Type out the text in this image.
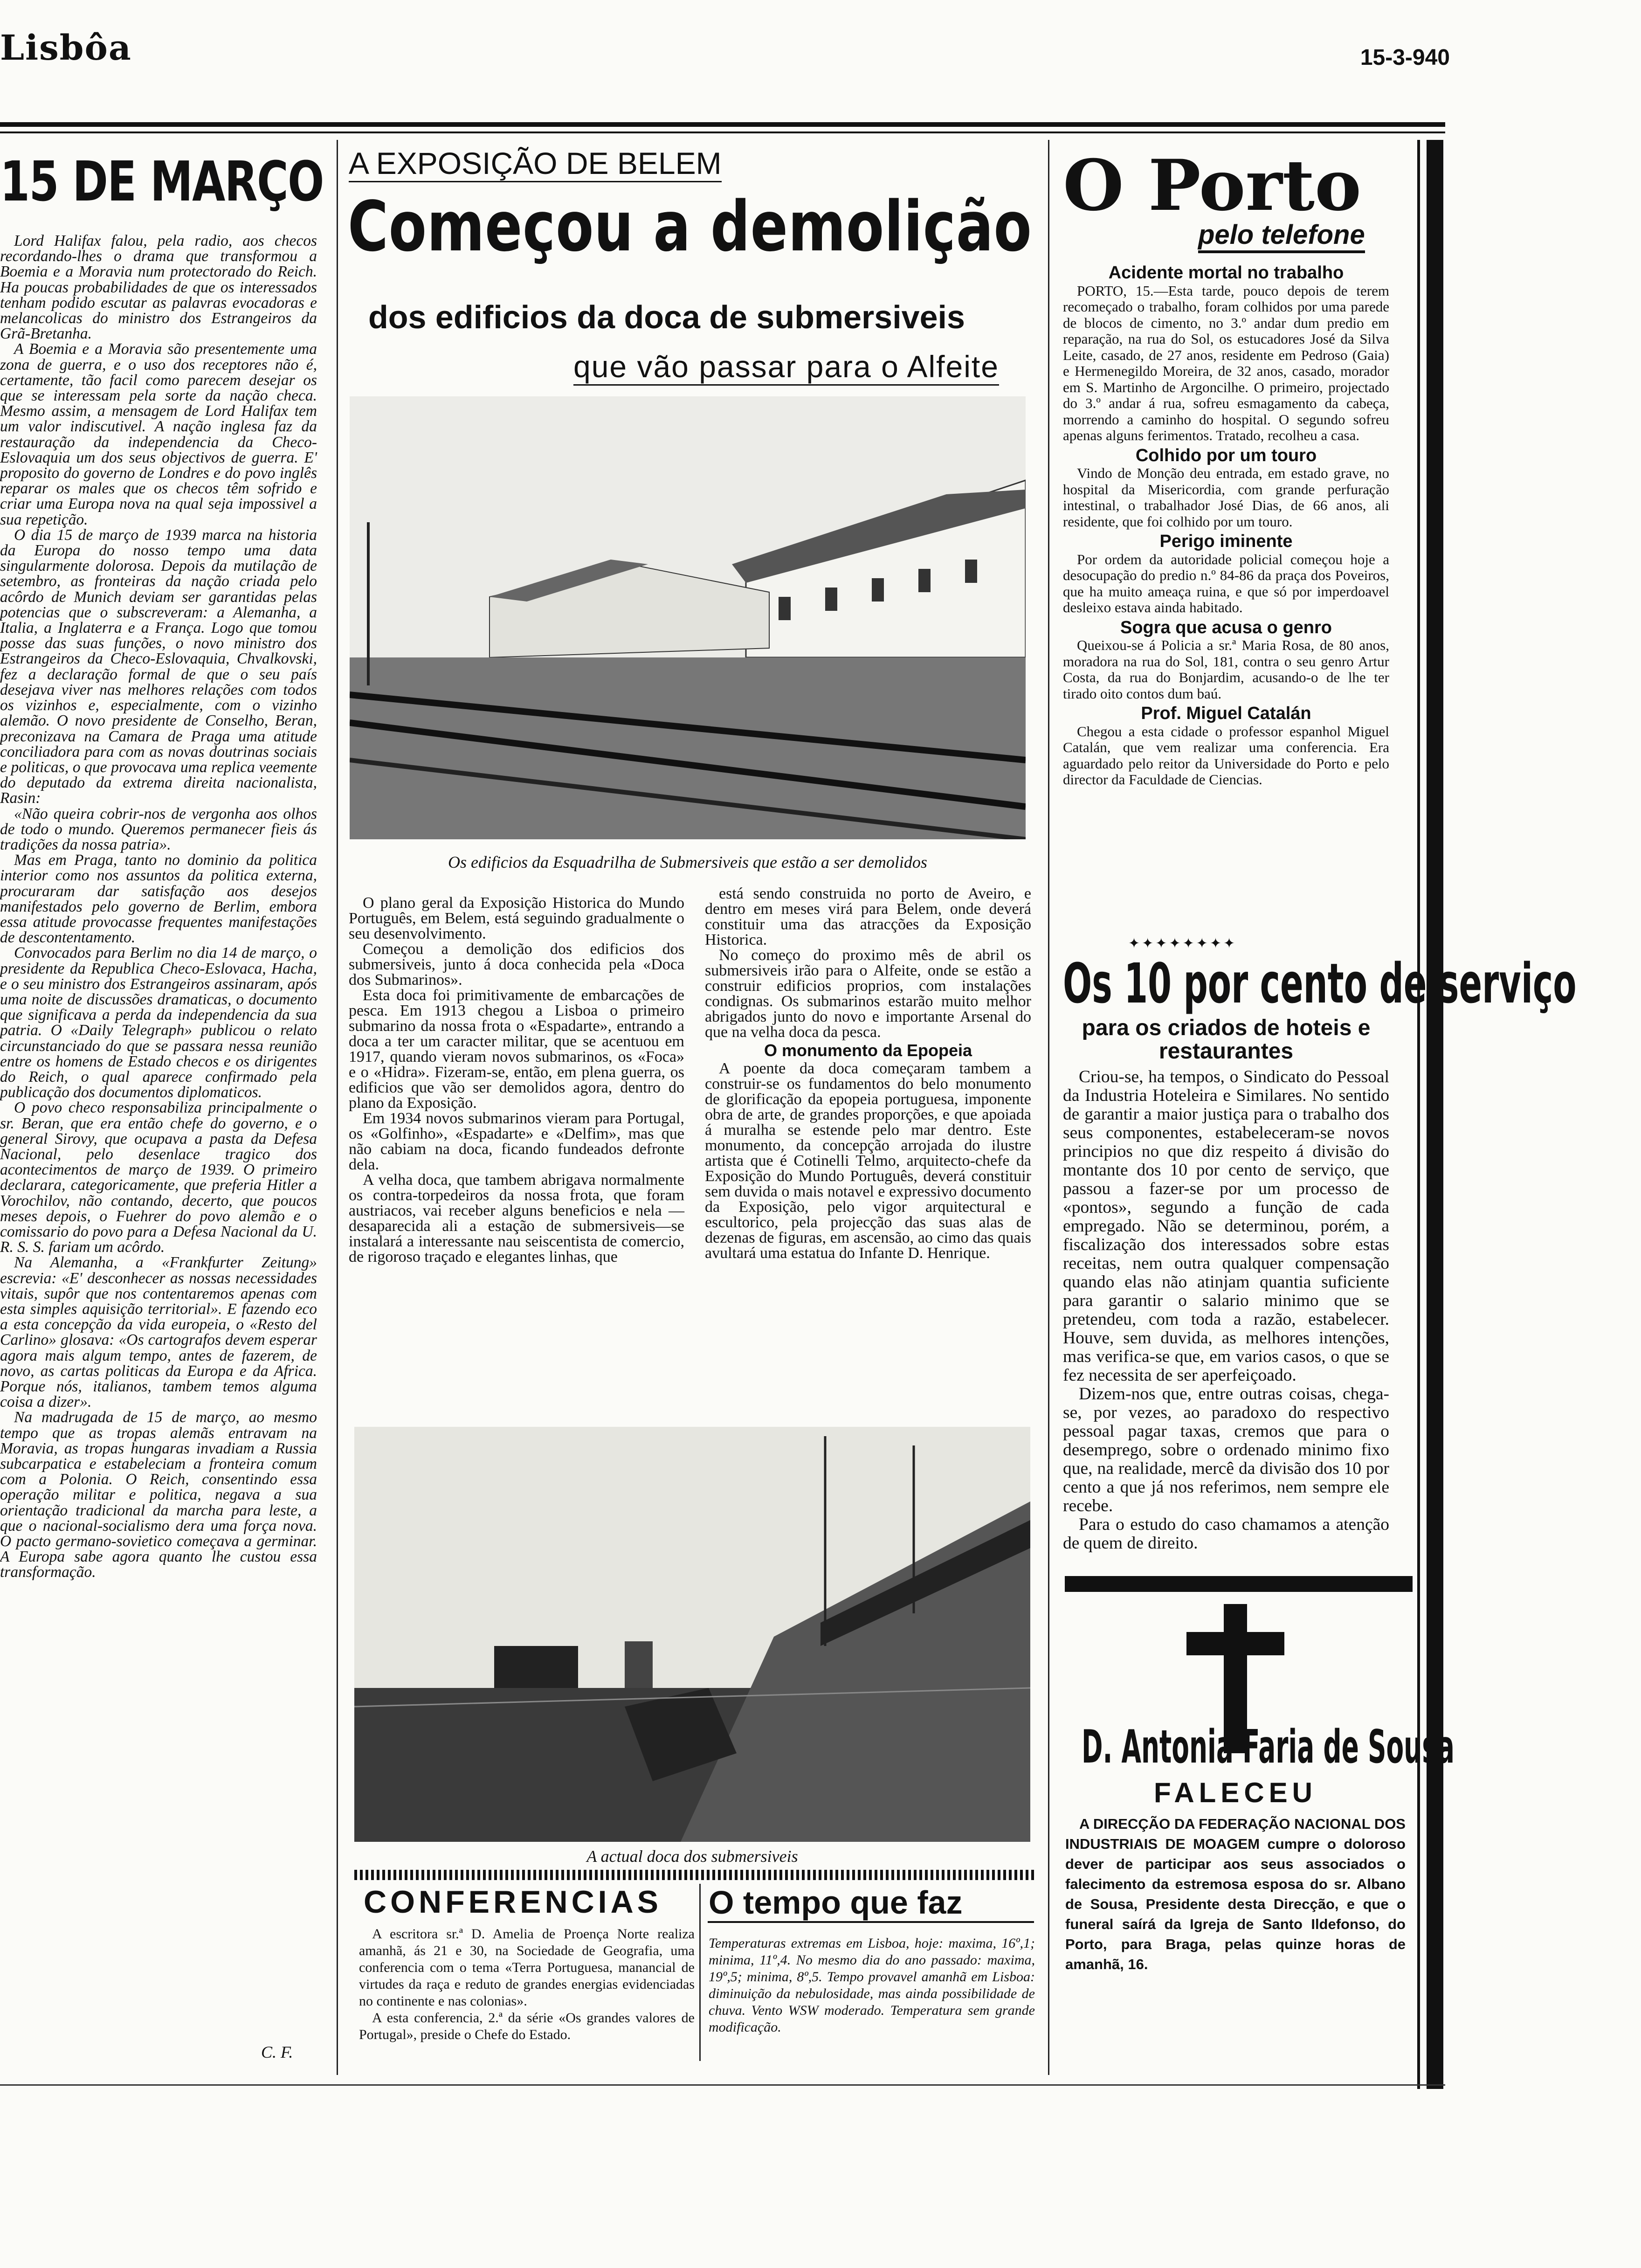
Lisbôa	15-3-940
15 DE MARÇO

Lord Halifax falou, pela radio, aos checos recordando-lhes o drama que transformou a Boemia e a Moravia num protectorado do Reich. Ha poucas probabilidades de que os interessados tenham podido escutar as palavras evocadoras e melancolicas do ministro dos Estrangeiros da Grã-Bretanha.

A Boemia e a Moravia são presentemente uma zona de guerra, e o uso dos receptores não é, certamente, tão facil como parecem desejar os que se interessam pela sorte da nação checa. Mesmo assim, a mensagem de Lord Halifax tem um valor indiscutivel. A nação inglesa faz da restauração da independencia da Checo-Eslovaquia um dos seus objectivos de guerra. E' proposito do governo de Londres e do povo inglês reparar os males que os checos têm sofrido e criar uma Europa nova na qual seja impossivel a sua repetição.

O dia 15 de março de 1939 marca na historia da Europa do nosso tempo uma data singularmente dolorosa. Depois da mutilação de setembro, as fronteiras da nação criada pelo acôrdo de Munich deviam ser garantidas pelas potencias que o subscreveram: a Alemanha, a Italia, a Inglaterra e a França. Logo que tomou posse das suas funções, o novo ministro dos Estrangeiros da Checo-Eslovaquia, Chvalkovski, fez a declaração formal de que o seu país desejava viver nas melhores relações com todos os vizinhos e, especialmente, com o vizinho alemão. O novo presidente de Conselho, Beran, preconizava na Camara de Praga uma atitude conciliadora para com as novas doutrinas sociais e politicas, o que provocava uma replica veemente do deputado da extrema direita nacionalista, Rasin:

«Não queira cobrir-nos de vergonha aos olhos de todo o mundo. Queremos permanecer fieis ás tradições da nossa patria».

Mas em Praga, tanto no dominio da politica interior como nos assuntos da politica externa, procuraram dar satisfação aos desejos manifestados pelo governo de Berlim, embora essa atitude provocasse frequentes manifestações de descontentamento.

Convocados para Berlim no dia 14 de março, o presidente da Republica Checo-Eslovaca, Hacha, e o seu ministro dos Estrangeiros assinaram, após uma noite de discussões dramaticas, o documento que significava a perda da independencia da sua patria. O «Daily Telegraph» publicou o relato circunstanciado do que se passara nessa reunião entre os homens de Estado checos e os dirigentes do Reich, o qual aparece confirmado pela publicação dos documentos diplomaticos.

O povo checo responsabiliza principalmente o sr. Beran, que era então chefe do governo, e o general Sirovy, que ocupava a pasta da Defesa Nacional, pelo desenlace tragico dos acontecimentos de março de 1939. O primeiro declarara, categoricamente, que preferia Hitler a Vorochilov, não contando, decerto, que poucos meses depois, o Fuehrer do povo alemão e o comissario do povo para a Defesa Nacional da U. R. S. S. fariam um acôrdo.

Na Alemanha, a «Frankfurter Zeitung» escrevia: «E' desconhecer as nossas necessidades vitais, supôr que nos contentaremos apenas com esta simples aquisição territorial». E fazendo eco a esta concepção da vida europeia, o «Resto del Carlino» glosava: «Os cartografos devem esperar agora mais algum tempo, antes de fazerem, de novo, as cartas politicas da Europa e da Africa. Porque nós, italianos, tambem temos alguma coisa a dizer».

Na madrugada de 15 de março, ao mesmo tempo que as tropas alemãs entravam na Moravia, as tropas hungaras invadiam a Russia subcarpatica e estabeleciam a fronteira comum com a Polonia. O Reich, consentindo essa operação militar e politica, negava a sua orientação tradicional da marcha para leste, a que o nacional-socialismo dera uma força nova. O pacto germano-sovietico começava a germinar. A Europa sabe agora quanto lhe custou essa transformação.

C. F.
A EXPOSIÇÃO DE BELEM
Começou a demolição
dos edificios da doca de submersiveis
que vão passar para o Alfeite
Os edificios da Esquadrilha de Submersiveis que estão a ser demolidos

O plano geral da Exposição Historica do Mundo Português, em Belem, está seguindo gradualmente o seu desenvolvimento.

Começou a demolição dos edificios dos submersiveis, junto á doca conhecida pela «Doca dos Submarinos».

Esta doca foi primitivamente de embarcações de pesca. Em 1913 chegou a Lisboa o primeiro submarino da nossa frota o «Espadarte», entrando a doca a ter um caracter militar, que se acentuou em 1917, quando vieram novos submarinos, os «Foca» e o «Hidra». Fizeram-se, então, em plena guerra, os edificios que vão ser demolidos agora, dentro do plano da Exposição.

Em 1934 novos submarinos vieram para Portugal, os «Golfinho», «Espadarte» e «Delfim», mas que não cabiam na doca, ficando fundeados defronte dela.

A velha doca, que tambem abrigava normalmente os contra-torpedeiros da nossa frota, que foram austriacos, vai receber alguns beneficios e nela —desaparecida ali a estação de submersiveis—se instalará a interessante nau seiscentista de comercio, de rigoroso traçado e elegantes linhas, que

está sendo construida no porto de Aveiro, e dentro em meses virá para Belem, onde deverá constituir uma das atracções da Exposição Historica.

No começo do proximo mês de abril os submersiveis irão para o Alfeite, onde se estão a construir edificios proprios, com instalações condignas. Os submarinos estarão muito melhor abrigados junto do novo e importante Arsenal do que na velha doca da pesca.

O monumento da Epopeia

A poente da doca começaram tambem a construir-se os fundamentos do belo monumento de glorificação da epopeia portuguesa, imponente obra de arte, de grandes proporções, e que apoiada á muralha se estende pelo mar dentro. Este monumento, da concepção arrojada do ilustre artista que é Cotinelli Telmo, arquitecto-chefe da Exposição do Mundo Português, deverá constituir sem duvida o mais notavel e expressivo documento da Exposição, pelo vigor arquitectural e escultorico, pela projecção das suas alas de dezenas de figuras, em ascensão, ao cimo das quais avultará uma estatua do Infante D. Henrique.

A actual doca dos submersiveis
CONFERENCIAS

A escritora sr.ª D. Amelia de Proença Norte realiza amanhã, ás 21 e 30, na Sociedade de Geografia, uma conferencia com o tema «Terra Portuguesa, manancial de virtudes da raça e reduto de grandes energias evidenciadas no continente e nas colonias».

A esta conferencia, 2.ª da série «Os grandes valores de Portugal», preside o Chefe do Estado.

O tempo que faz
Temperaturas extremas em Lisboa, hoje: maxima, 16º,1; minima, 11º,4. No mesmo dia do ano passado: maxima, 19º,5; minima, 8º,5. Tempo provavel amanhã em Lisboa: diminuição da nebulosidade, mas ainda possibilidade de chuva. Vento WSW moderado. Temperatura sem grande modificação.
O Porto
pelo telefone
Acidente mortal no trabalho

PORTO, 15.—Esta tarde, pouco depois de terem recomeçado o trabalho, foram colhidos por uma parede de blocos de cimento, no 3.º andar dum predio em reparação, na rua do Sol, os estucadores José da Silva Leite, casado, de 27 anos, residente em Pedroso (Gaia) e Hermenegildo Moreira, de 32 anos, casado, morador em S. Martinho de Argoncilhe. O primeiro, projectado do 3.º andar á rua, sofreu esmagamento da cabeça, morrendo a caminho do hospital. O segundo sofreu apenas alguns ferimentos. Tratado, recolheu a casa.

Colhido por um touro

Vindo de Monção deu entrada, em estado grave, no hospital da Misericordia, com grande perfuração intestinal, o trabalhador José Dias, de 66 anos, ali residente, que foi colhido por um touro.

Perigo iminente

Por ordem da autoridade policial começou hoje a desocupação do predio n.º 84-86 da praça dos Poveiros, que ha muito ameaça ruina, e que só por imperdoavel desleixo estava ainda habitado.

Sogra que acusa o genro

Queixou-se á Policia a sr.ª Maria Rosa, de 80 anos, moradora na rua do Sol, 181, contra o seu genro Artur Costa, da rua do Bonjardim, acusando-o de lhe ter tirado oito contos dum baú.

Prof. Miguel Catalán

Chegou a esta cidade o professor espanhol Miguel Catalán, que vem realizar uma conferencia. Era aguardado pelo reitor da Universidade do Porto e pelo director da Faculdade de Ciencias.

✦✦✦✦✦✦✦✦
Os 10 por cento de serviço
para os criados de hoteis e restaurantes

Criou-se, ha tempos, o Sindicato do Pessoal da Industria Hoteleira e Similares. No sentido de garantir a maior justiça para o trabalho dos seus componentes, estabeleceram-se novos principios no que diz respeito á divisão do montante dos 10 por cento de serviço, que passou a fazer-se por um processo de «pontos», segundo a função de cada empregado. Não se determinou, porém, a fiscalização dos interessados sobre estas receitas, nem outra qualquer compensação quando elas não atinjam quantia suficiente para garantir o salario minimo que se pretendeu, com toda a razão, estabelecer. Houve, sem duvida, as melhores intenções, mas verifica-se que, em varios casos, o que se fez necessita de ser aperfeiçoado.

Dizem-nos que, entre outras coisas, chega-se, por vezes, ao paradoxo do respectivo pessoal pagar taxas, cremos que para o desemprego, sobre o ordenado minimo fixo que, na realidade, mercê da divisão dos 10 por cento a que já nos referimos, nem sempre ele recebe.

Para o estudo do caso chamamos a atenção de quem de direito.

D. Antonia Faria de Sousa
FALECEU

A DIRECÇÃO DA FEDERAÇÃO NACIONAL DOS INDUSTRIAIS DE MOAGEM cumpre o doloroso dever de participar aos seus associados o falecimento da estremosa esposa do sr. Albano de Sousa, Presidente desta Direcção, e que o funeral saírá da Igreja de Santo Ildefonso, do Porto, para Braga, pelas quinze horas de amanhã, 16.
